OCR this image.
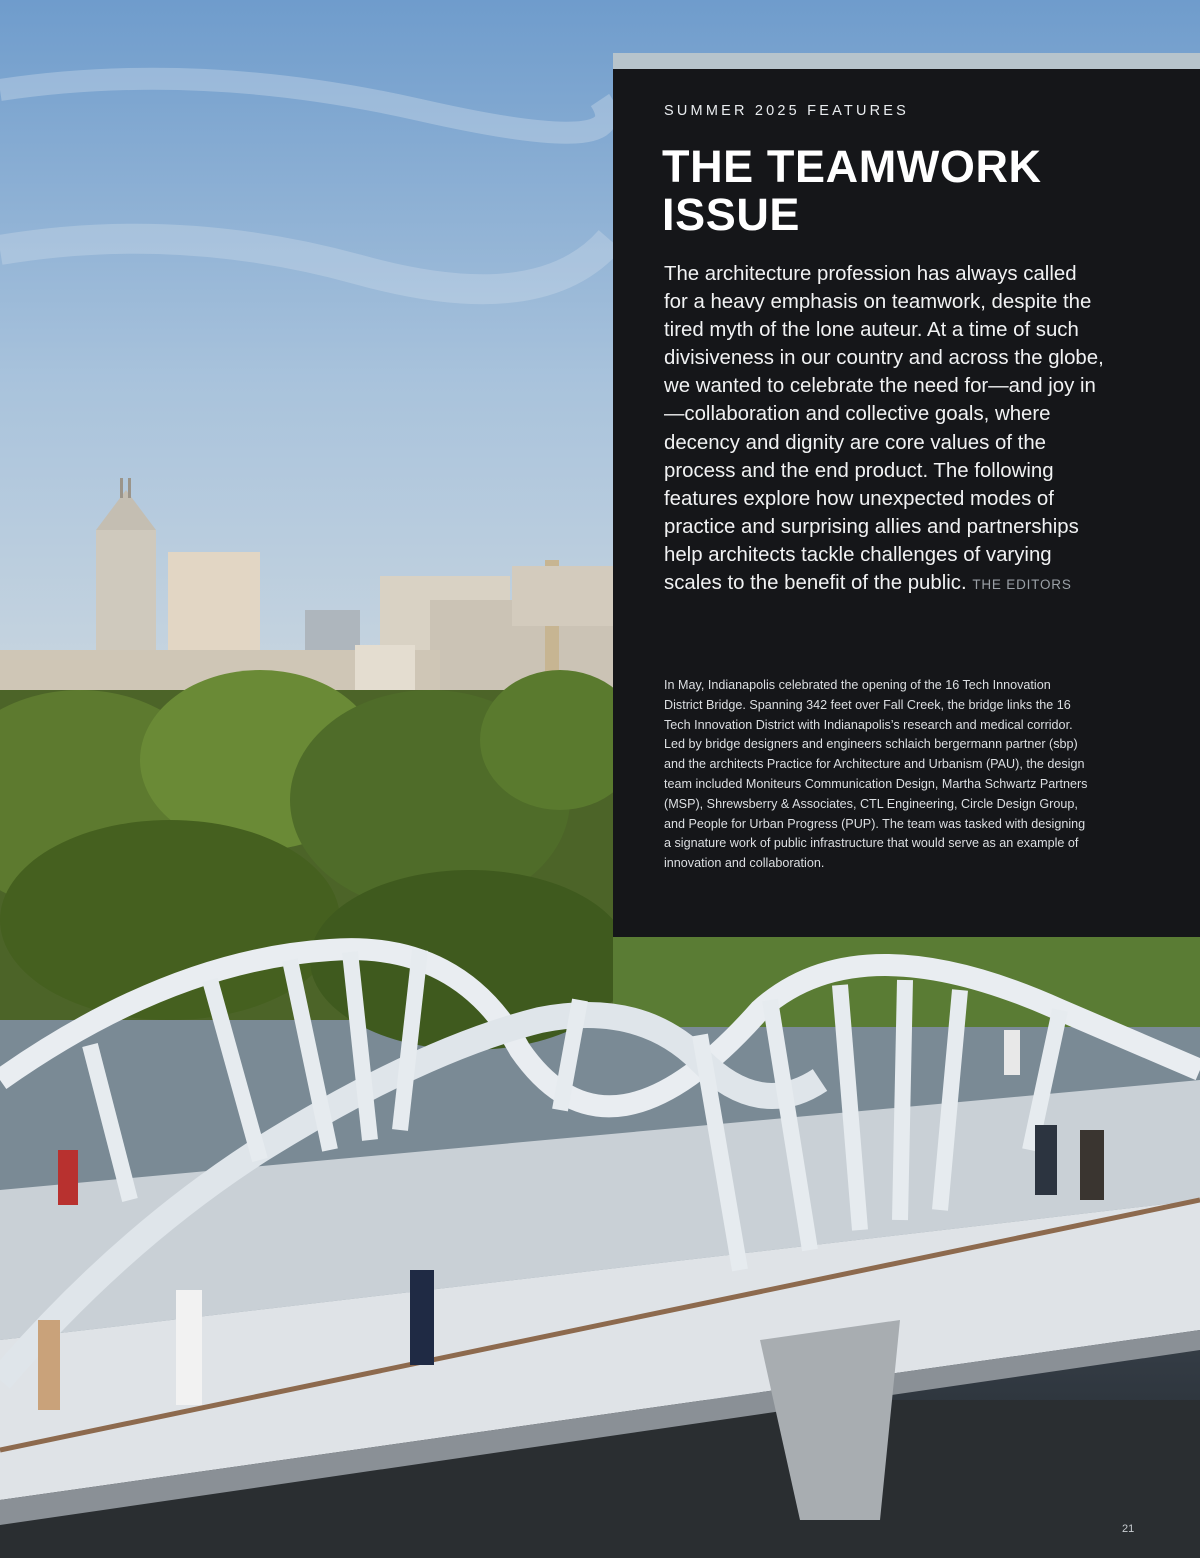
SUMMER 2025 FEATURES
THE TEAMWORK ISSUE

The architecture profession has always called for a heavy emphasis on teamwork, despite the tired myth of the lone auteur. At a time of such divisiveness in our country and across the globe, we wanted to celebrate the need for—and joy in—collaboration and collective goals, where decency and dignity are core values of the process and the end product. The following features explore how unexpected modes of practice and surprising allies and partnerships help architects tackle challenges of varying scales to the benefit of the public. THE EDITORS

In May, Indianapolis celebrated the opening of the 16 Tech Innovation District Bridge. Spanning 342 feet over Fall Creek, the bridge links the 16 Tech Innovation District with Indianapolis’s research and medical corridor. Led by bridge designers and engineers schlaich bergermann partner (sbp) and the architects Practice for Architecture and Urbanism (PAU), the design team included Moniteurs Communication Design, Martha Schwartz Partners (MSP), Shrewsberry & Associates, CTL Engineering, Circle Design Group, and People for Urban Progress (PUP). The team was tasked with designing a signature work of public infrastructure that would serve as an example of innovation and collaboration.

21
